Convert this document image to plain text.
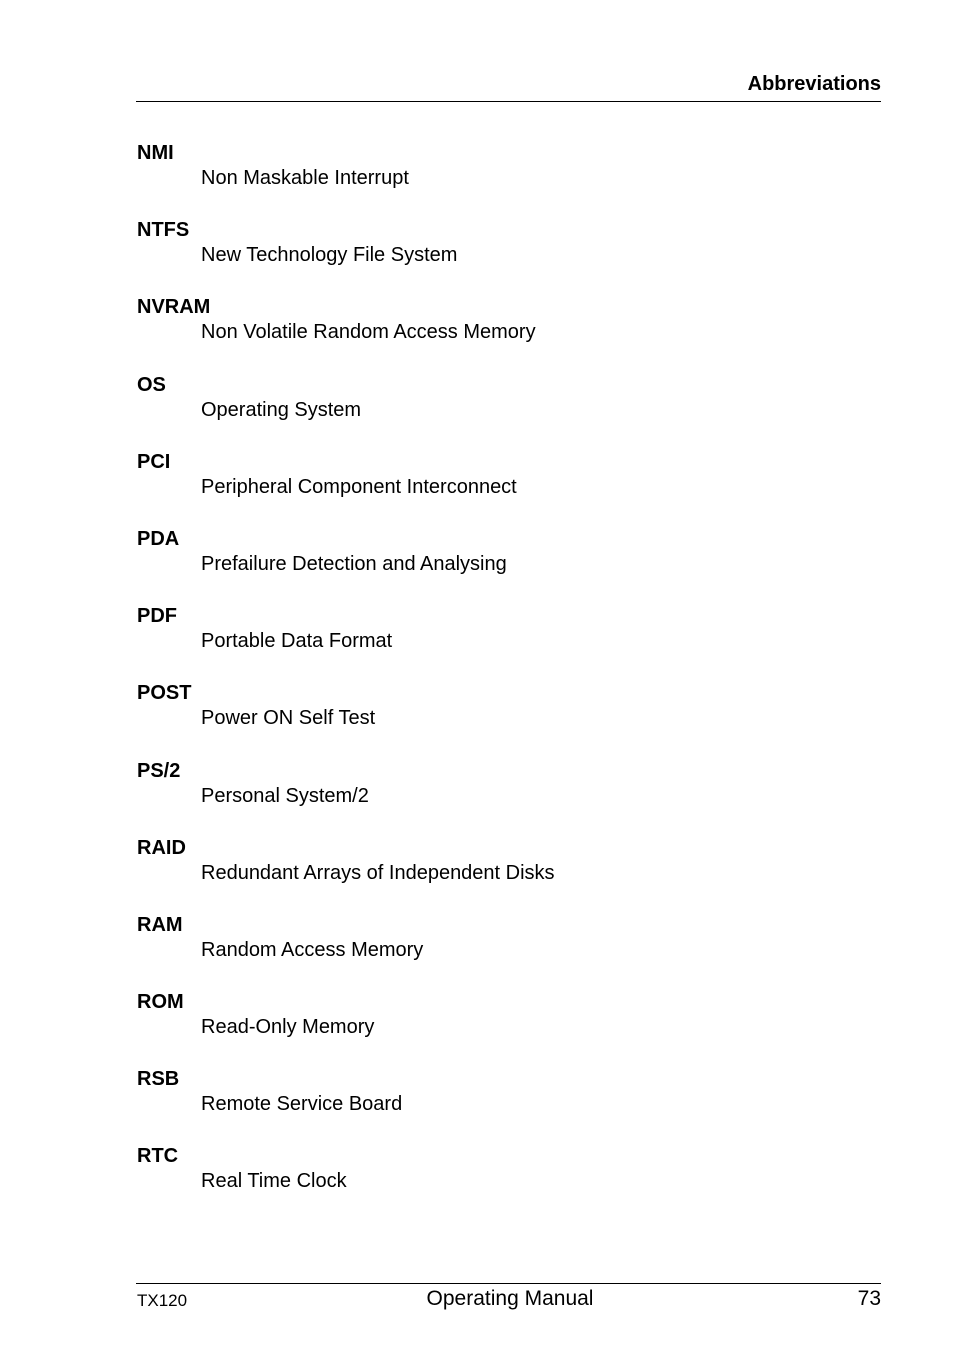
Abbreviations
NMI
Non Maskable Interrupt
NTFS
New Technology File System
NVRAM
Non Volatile Random Access Memory
OS
Operating System
PCI
Peripheral Component Interconnect
PDA
Prefailure Detection and Analysing
PDF
Portable Data Format
POST
Power ON Self Test
PS/2
Personal System/2
RAID
Redundant Arrays of Independent Disks
RAM
Random Access Memory
ROM
Read-Only Memory
RSB
Remote Service Board
RTC
Real Time Clock
TX120	Operating Manual	73
